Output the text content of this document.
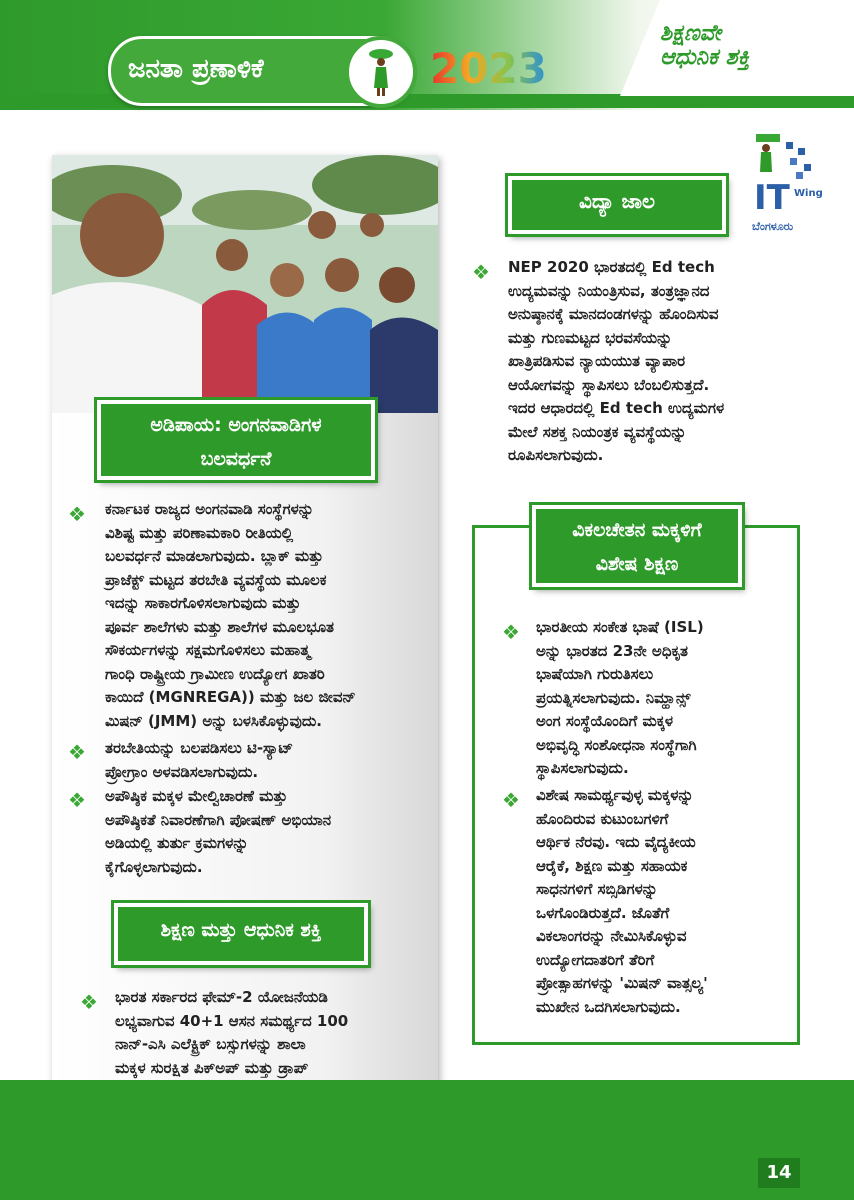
ಶಿಕ್ಷಣವೇ
ಆಧುನಿಕ ಶಕ್ತಿ
ಜನತಾ ಪ್ರಣಾಳಿಕೆ	2023
IT Wing
ಬೆಂಗಳೂರು
ಅಡಿಪಾಯ: ಅಂಗನವಾಡಿಗಳ
ಬಲವರ್ಧನೆ
❖ ಕರ್ನಾಟಕ ರಾಜ್ಯದ ಅಂಗನವಾಡಿ ಸಂಸ್ಥೆಗಳನ್ನು
ವಿಶಿಷ್ಟ ಮತ್ತು ಪರಿಣಾಮಕಾರಿ ರೀತಿಯಲ್ಲಿ
ಬಲವರ್ಧನೆ ಮಾಡಲಾಗುವುದು. ಬ್ಲಾಕ್ ಮತ್ತು
ಪ್ರಾಜೆಕ್ಟ್ ಮಟ್ಟದ ತರಬೇತಿ ವ್ಯವಸ್ಥೆಯ ಮೂಲಕ
ಇದನ್ನು ಸಾಕಾರಗೊಳಿಸಲಾಗುವುದು ಮತ್ತು
ಪೂರ್ವ ಶಾಲೆಗಳು ಮತ್ತು ಶಾಲೆಗಳ ಮೂಲಭೂತ
ಸೌಕರ್ಯಗಳನ್ನು ಸಕ್ಷಮಗೊಳಿಸಲು ಮಹಾತ್ಮ
ಗಾಂಧಿ ರಾಷ್ಟ್ರೀಯ ಗ್ರಾಮೀಣ ಉದ್ಯೋಗ ಖಾತರಿ
ಕಾಯಿದೆ (MGNREGA)) ಮತ್ತು ಜಲ ಜೀವನ್
ಮಿಷನ್ (JMM) ಅನ್ನು ಬಳಸಿಕೊಳ್ಳುವುದು.
❖ ತರಬೇತಿಯನ್ನು ಬಲಪಡಿಸಲು ಟಿ-ಸ್ಯಾಟ್
ಪ್ರೋಗ್ರಾಂ ಅಳವಡಿಸಲಾಗುವುದು.
❖ ಅಪೌಷ್ಠಿಕ ಮಕ್ಕಳ ಮೇಲ್ವಿಚಾರಣೆ ಮತ್ತು
ಅಪೌಷ್ಠಿಕತೆ ನಿವಾರಣೆಗಾಗಿ ಪೋಷಣ್ ಅಭಿಯಾನ
ಅಡಿಯಲ್ಲಿ ತುರ್ತು ಕ್ರಮಗಳನ್ನು
ಕೈಗೊಳ್ಳಲಾಗುವುದು.
ಶಿಕ್ಷಣ ಮತ್ತು ಆಧುನಿಕ ಶಕ್ತಿ
❖ ಭಾರತ ಸರ್ಕಾರದ ಫೇಮ್-2 ಯೋಜನೆಯಡಿ
ಲಭ್ಯವಾಗುವ 40+1 ಆಸನ ಸಮರ್ಥ್ಯದ 100
ನಾನ್-ಎಸಿ ಎಲೆಕ್ಟ್ರಿಕ್ ಬಸ್ಸುಗಳನ್ನು ಶಾಲಾ
ಮಕ್ಕಳ ಸುರಕ್ಷಿತ ಪಿಕ್ಅಪ್ ಮತ್ತು ಡ್ರಾಪ್
ವಿದ್ಯಾ ಜಾಲ
❖ NEP 2020 ಭಾರತದಲ್ಲಿ Ed tech
ಉದ್ಯಮವನ್ನು ನಿಯಂತ್ರಿಸುವ, ತಂತ್ರಜ್ಞಾನದ
ಅನುಷ್ಠಾನಕ್ಕೆ ಮಾನದಂಡಗಳನ್ನು ಹೊಂದಿಸುವ
ಮತ್ತು ಗುಣಮಟ್ಟದ ಭರವಸೆಯನ್ನು
ಖಾತ್ರಿಪಡಿಸುವ ನ್ಯಾಯಯುತ ವ್ಯಾಪಾರ
ಆಯೋಗವನ್ನು ಸ್ಥಾಪಿಸಲು ಬೆಂಬಲಿಸುತ್ತದೆ.
ಇದರ ಆಧಾರದಲ್ಲಿ Ed tech ಉದ್ಯಮಗಳ
ಮೇಲೆ ಸಶಕ್ತ ನಿಯಂತ್ರಕ ವ್ಯವಸ್ಥೆಯನ್ನು
ರೂಪಿಸಲಾಗುವುದು.
ವಿಕಲಚೇತನ ಮಕ್ಕಳಿಗೆ
ವಿಶೇಷ ಶಿಕ್ಷಣ
❖ ಭಾರತೀಯ ಸಂಕೇತ ಭಾಷೆ (ISL)
ಅನ್ನು ಭಾರತದ 23ನೇ ಅಧಿಕೃತ
ಭಾಷೆಯಾಗಿ ಗುರುತಿಸಲು
ಪ್ರಯತ್ನಿಸಲಾಗುವುದು. ನಿಮ್ಹಾನ್ಸ್
ಅಂಗ ಸಂಸ್ಥೆಯೊಂದಿಗೆ ಮಕ್ಕಳ
ಅಭಿವೃದ್ಧಿ ಸಂಶೋಧನಾ ಸಂಸ್ಥೆಗಾಗಿ
ಸ್ಥಾಪಿಸಲಾಗುವುದು.
❖ ವಿಶೇಷ ಸಾಮರ್ಥ್ಯವುಳ್ಳ ಮಕ್ಕಳನ್ನು
ಹೊಂದಿರುವ ಕುಟುಂಬಗಳಿಗೆ
ಆರ್ಥಿಕ ನೆರವು. ಇದು ವೈದ್ಯಕೀಯ
ಆರೈಕೆ, ಶಿಕ್ಷಣ ಮತ್ತು ಸಹಾಯಕ
ಸಾಧನಗಳಿಗೆ ಸಬ್ಸಿಡಿಗಳನ್ನು
ಒಳಗೊಂಡಿರುತ್ತದೆ. ಜೊತೆಗೆ
ವಿಕಲಾಂಗರನ್ನು ನೇಮಿಸಿಕೊಳ್ಳುವ
ಉದ್ಯೋಗದಾತರಿಗೆ ತೆರಿಗೆ
ಪ್ರೋತ್ಸಾಹಗಳನ್ನು 'ಮಿಷನ್ ವಾತ್ಸಲ್ಯ'
ಮುಖೇನ ಒದಗಿಸಲಾಗುವುದು.
14
